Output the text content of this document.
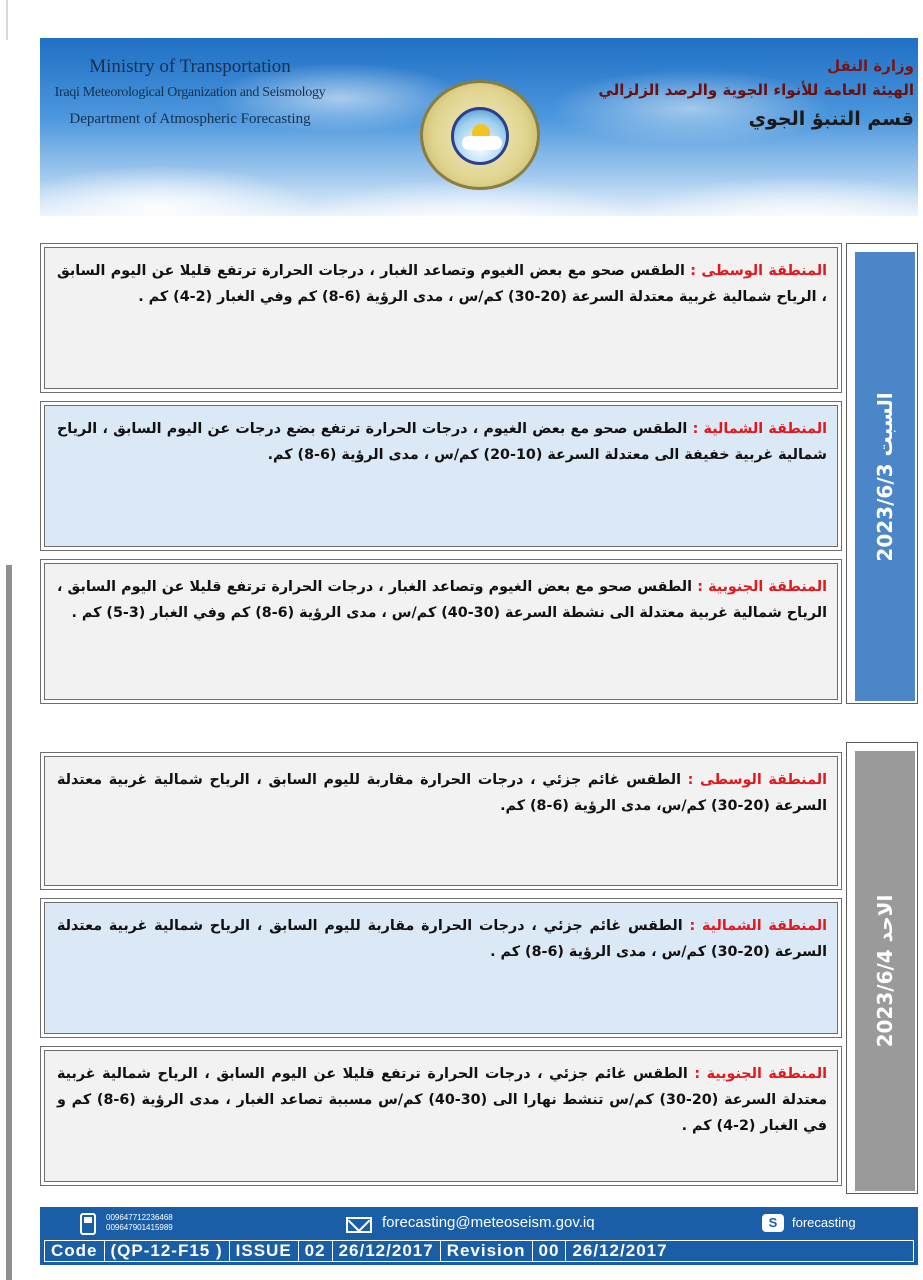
Ministry of Transportation
Iraqi Meteorological Organization and Seismology
Department of Atmospheric Forecasting
وزارة النقل
الهيئة العامة للأنواء الجوية والرصد الزلزالي
قسم التنبؤ الجوي
المنطقة الوسطى : الطقس صحو مع بعض الغيوم وتصاعد الغبار ، درجات الحرارة ترتفع قليلا عن اليوم السابق ، الرياح شمالية غربية معتدلة السرعة (20-30) كم/س ، مدى الرؤية (6-8) كم وفي الغبار (2-4) كم .
المنطقة الشمالية : الطقس صحو مع بعض الغيوم ، درجات الحرارة ترتفع بضع درجات عن اليوم السابق ، الرياح شمالية غربية خفيفة الى معتدلة السرعة (10-20) كم/س ، مدى الرؤية (6-8) كم.
المنطقة الجنوبية : الطقس صحو مع بعض الغيوم وتصاعد الغبار ، درجات الحرارة ترتفع قليلا عن اليوم السابق ، الرياح شمالية غربية معتدلة الى نشطة السرعة (30-40) كم/س ، مدى الرؤية (6-8) كم وفي الغبار (3-5) كم .
السبت 2023/6/3
المنطقة الوسطى : الطقس غائم جزئي ، درجات الحرارة مقاربة لليوم السابق ، الرياح شمالية غربية معتدلة السرعة (20-30) كم/س، مدى الرؤية (6-8) كم.
المنطقة الشمالية : الطقس غائم جزئي ، درجات الحرارة مقاربة لليوم السابق ، الرياح شمالية غربية معتدلة السرعة (20-30) كم/س ، مدى الرؤية (6-8) كم .
المنطقة الجنوبية : الطقس غائم جزئي ، درجات الحرارة ترتفع قليلا عن اليوم السابق ، الرياح شمالية غربية معتدلة السرعة (20-30) كم/س تنشط نهارا الى (30-40) كم/س مسببة تصاعد الغبار ، مدى الرؤية (6-8) كم و في الغبار (2-4) كم .
الاحد 2023/6/4
009647712236468
009647901415989	forecasting@meteoseism.gov.iq	S	forecasting
Code (QP-12-F15 ) ISSUE 02 26/12/2017 Revision 00 26/12/2017
